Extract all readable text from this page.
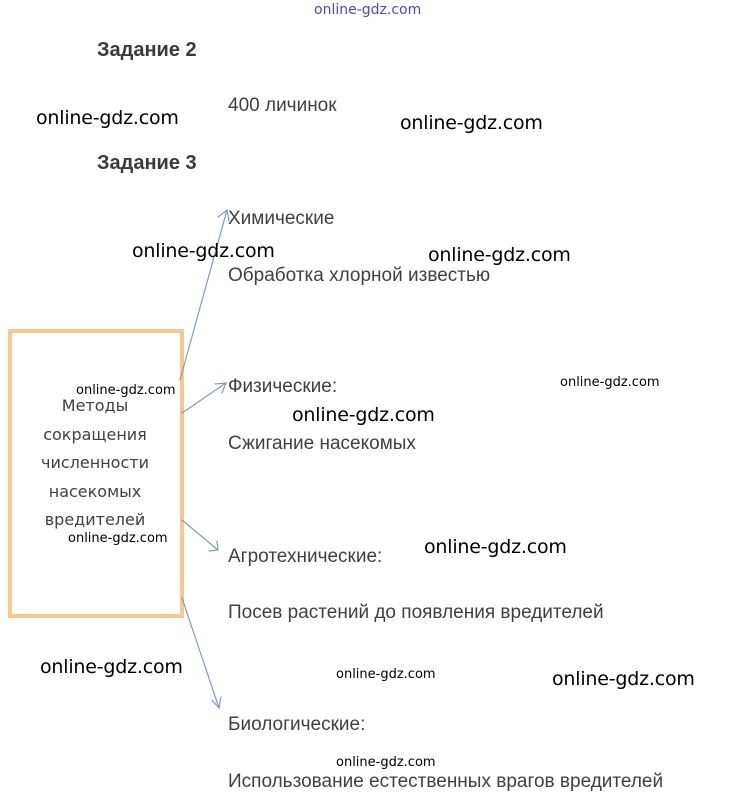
online-gdz.com
Задание 2
400 личинок
Задание 3
Методы
сокращения
численности
насекомых
вредителей
Химические
Обработка хлорной известью
Физические:
Сжигание насекомых
Агротехнические:
Посев растений до появления вредителей
Биологические:
Использование естественных врагов вредителей
online-gdz.com	online-gdz.com
online-gdz.com	online-gdz.com
online-gdz.com
online-gdz.com
online-gdz.com
online-gdz.com
online-gdz.com
online-gdz.com
online-gdz.com
online-gdz.com
online-gdz.com
